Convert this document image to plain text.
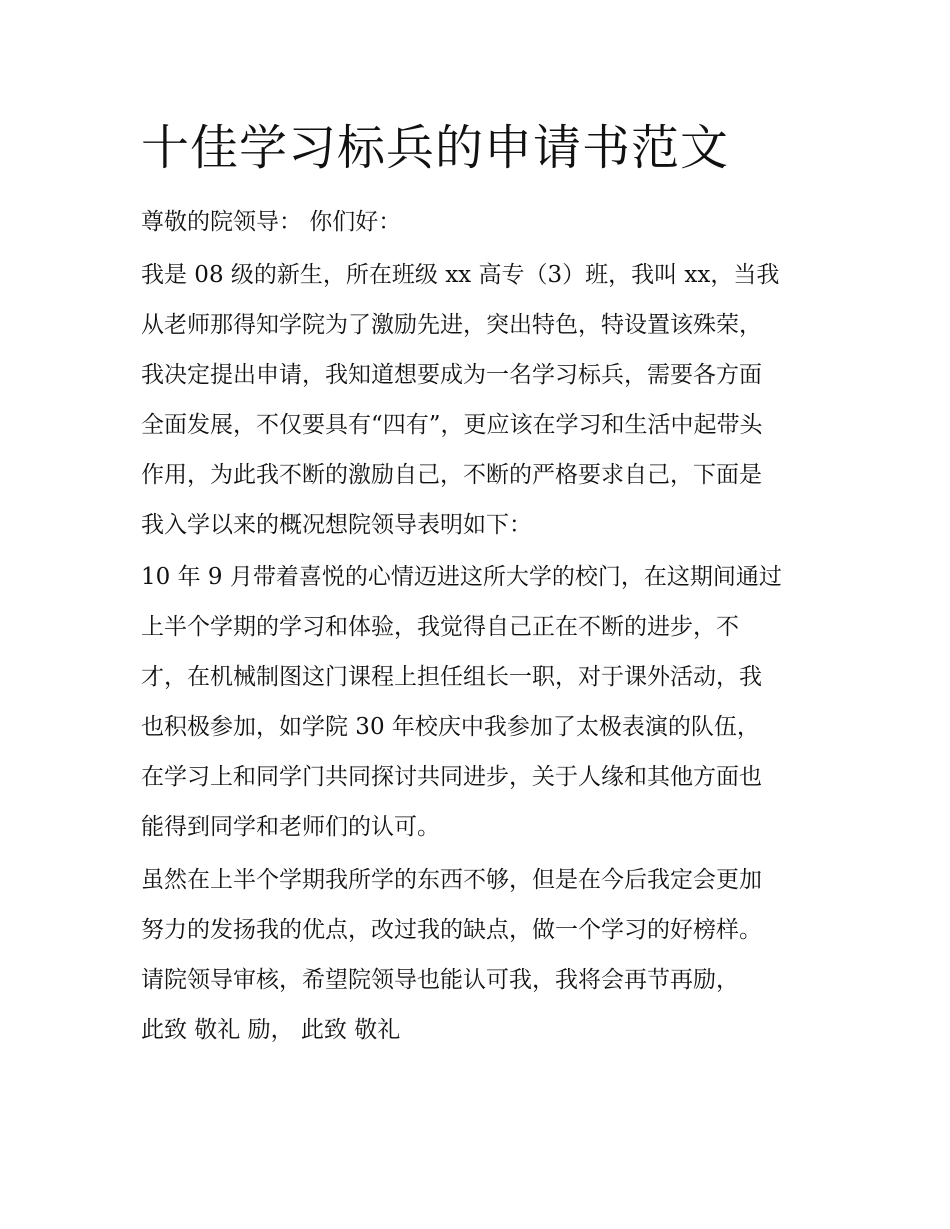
十佳学习标兵的申请书范文

尊敬的院领导： 你们好：

我是 08 级的新生，所在班级 xx 高专（3）班，我叫 xx，当我

从老师那得知学院为了激励先进，突出特色，特设置该殊荣，

我决定提出申请，我知道想要成为一名学习标兵，需要各方面

全面发展，不仅要具有“四有”，更应该在学习和生活中起带头

作用，为此我不断的激励自己，不断的严格要求自己，下面是

我入学以来的概况想院领导表明如下：

10 年 9 月带着喜悦的心情迈进这所大学的校门，在这期间通过

上半个学期的学习和体验，我觉得自己正在不断的进步，不

才，在机械制图这门课程上担任组长一职，对于课外活动，我

也积极参加，如学院 30 年校庆中我参加了太极表演的队伍，

在学习上和同学门共同探讨共同进步，关于人缘和其他方面也

能得到同学和老师们的认可。

虽然在上半个学期我所学的东西不够，但是在今后我定会更加

努力的发扬我的优点，改过我的缺点，做一个学习的好榜样。

请院领导审核，希望院领导也能认可我，我将会再节再励，

此致 敬礼 励， 此致 敬礼
